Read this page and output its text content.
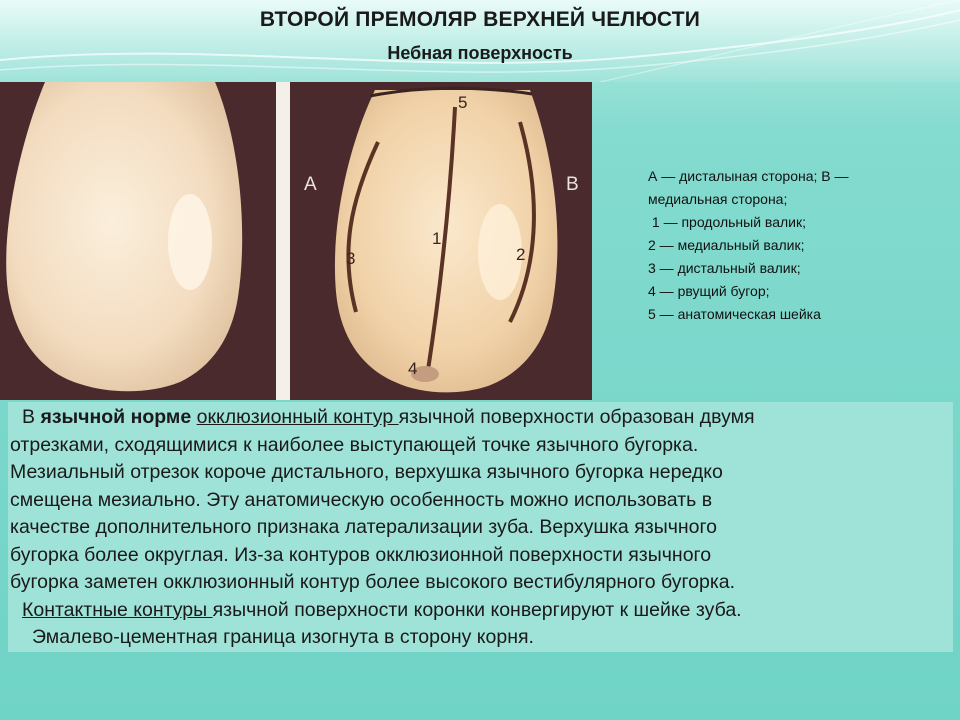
ВТОРОЙ ПРЕМОЛЯР ВЕРХНЕЙ ЧЕЛЮСТИ
Небная поверхность
A	B
5
1
2
3
4
А — дисталыная сторона; В —
медиальная сторона;
1 — продольный валик;
2 — медиальный валик;
3 — дистальный валик;
4 — рвущий бугор;
5 — анатомическая шейка
В язычной норме окклюзионный контур язычной поверхности образован двумя
отрезками, сходящимися к наиболее выступающей точке язычного бугорка.
Мезиальный отрезок короче дистального, верхушка язычного бугорка нередко
смещена мезиально. Эту анатомическую особенность можно использовать в
качестве дополнительного признака латерализации зуба. Верхушка язычного
бугорка более округлая. Из-за контуров окклюзионной поверхности язычного
бугорка заметен окклюзионный контур более высокого вестибулярного бугорка.
Контактные контуры язычной поверхности коронки конвергируют к шейке зуба.
Эмалево-цементная граница изогнута в сторону корня.
